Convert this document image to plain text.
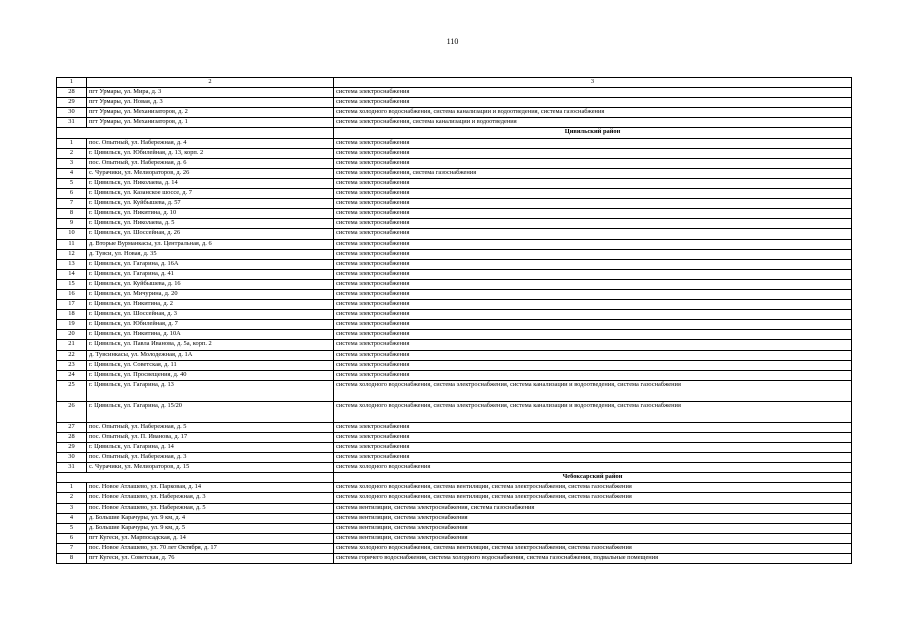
110
1	2	3
28	пгт Урмары, ул. Мира, д. 3	система электроснабжения
29	пгт Урмары, ул. Новая, д. 3	система электроснабжения
30	пгт Урмары, ул. Механизаторов, д. 2	система холодного водоснабжения, система канализации и водоотведения, система газоснабжения
31	пгт Урмары, ул. Механизаторов, д. 1	система электроснабжения, система канализации и водоотведения
		Цивильский район
1	пос. Опытный, ул. Набережная, д. 4	система электроснабжения
2	г. Цивильск, ул. Юбилейная, д. 13, корп. 2	система электроснабжения
3	пос. Опытный, ул. Набережная, д. 6	система электроснабжения
4	с. Чурачики, ул. Мелиораторов, д. 26	система электроснабжения, система газоснабжения
5	г. Цивильск, ул. Николаева, д. 14	система электроснабжения
6	г. Цивильск, ул. Казанское шоссе, д. 7	система электроснабжения
7	г. Цивильск, ул. Куйбышева, д. 57	система электроснабжения
8	г. Цивильск, ул. Никитина, д. 10	система электроснабжения
9	г. Цивильск, ул. Николаева, д. 5	система электроснабжения
10	г. Цивильск, ул. Шоссейная, д. 26	система электроснабжения
11	д. Вторые Вурманкасы, ул. Центральная, д. 6	система электроснабжения
12	д. Тувси, ул. Новая, д. 35	система электроснабжения
13	г. Цивильск, ул. Гагарина, д. 16А	система электроснабжения
14	г. Цивильск, ул. Гагарина, д. 41	система электроснабжения
15	г. Цивильск, ул. Куйбышева, д. 16	система электроснабжения
16	г. Цивильск, ул. Мичурина, д. 20	система электроснабжения
17	г. Цивильск, ул. Никитина, д. 2	система электроснабжения
18	г. Цивильск, ул. Шоссейная, д. 3	система электроснабжения
19	г. Цивильск, ул. Юбилейная, д. 7	система электроснабжения
20	г. Цивильск, ул. Никитина, д. 10А	система электроснабжения
21	г. Цивильск, ул. Павла Иванова, д. 5а, корп. 2	система электроснабжения
22	д. Тувсинкасы, ул. Молодежная, д. 1А	система электроснабжения
23	г. Цивильск, ул. Советская, д. 11	система электроснабжения
24	г. Цивильск, ул. Просвещения, д. 40	система электроснабжения
25	г. Цивильск, ул. Гагарина, д. 13	система холодного водоснабжения, система электроснабжения, система канализации и водоотведения, система газоснабжения
26	г. Цивильск, ул. Гагарина, д. 15/20	система холодного водоснабжения, система электроснабжения, система канализации и водоотведения, система газоснабжения
27	пос. Опытный, ул. Набережная, д. 5	система электроснабжения
28	пос. Опытный, ул. П. Иванова, д. 17	система электроснабжения
29	г. Цивильск, ул. Гагарина, д. 14	система электроснабжения
30	пос. Опытный, ул. Набережная, д. 3	система электроснабжения
31	с. Чурачики, ул. Мелиораторов, д. 15	система холодного водоснабжения
		Чебоксарский район
1	пос. Новое Атлашево, ул. Парковая, д. 14	система холодного водоснабжения, система вентиляции, система электроснабжения, система газоснабжения
2	пос. Новое Атлашево, ул. Набережная, д. 3	система холодного водоснабжения, система вентиляции, система электроснабжения, система газоснабжения
3	пос. Новое Атлашево, ул. Набережная, д. 5	система вентиляции, система электроснабжения, система газоснабжения
4	д. Большие Карачуры, ул. 9 км, д. 4	система вентиляции, система электроснабжения
5	д. Большие Карачуры, ул. 9 км, д. 5	система вентиляции, система электроснабжения
6	пгт Кугеси, ул. Марпосадская, д. 14	система вентиляции, система электроснабжения
7	пос. Новое Атлашево, ул. 70 лет Октября, д. 17	система холодного водоснабжения, система вентиляции, система электроснабжения, система газоснабжения
8	пгт Кугеси, ул. Советская, д. 76	система горячего водоснабжения, система холодного водоснабжения, система газоснабжения, подвальные помещения
